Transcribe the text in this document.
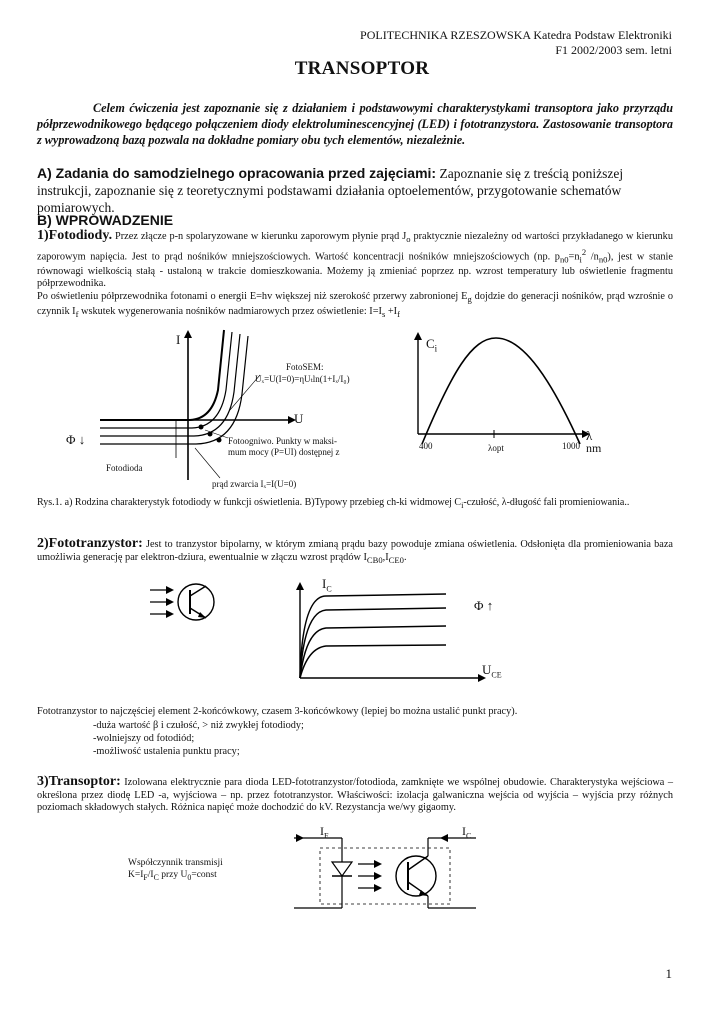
POLITECHNIKA RZESZOWSKA Katedra Podstaw Elektroniki
F1 2002/2003 sem. letni
TRANSOPTOR
Celem ćwiczenia jest zapoznanie się z działaniem i podstawowymi charakterystykami transoptora jako przyrządu półprzewodnikowego będącego połączeniem diody elektroluminescencyjnej (LED) i fototranzystora. Zastosowanie transoptora z wyprowadzoną bazą pozwala na dokładne pomiary obu tych elementów, niezależnie.
A) Zadania do samodzielnego opracowania przed zajęciami: Zapoznanie się z treścią poniższej instrukcji, zapoznanie się z teoretycznymi podstawami działania optoelementów, przygotowanie schematów pomiarowych.
B) WPROWADZENIE
1)Fotodiody. Przez złącze p-n spolaryzowane w kierunku zaporowym płynie prąd $J_o$ praktycznie niezależny od wartości przykładanego w kierunku zaporowym napięcia. Jest to prąd nośników mniejszościowych. Wartość koncentracji nośników mniejszościowych (np. $p_{n0}=n_i^2$ $/n_{n0}$), jest w stanie równowagi wielkością stałą - ustaloną w trakcie domieszkowania. Możemy ją zmieniać poprzez np. wzrost temperatury lub oświetlenie fragmentu półprzewodnika.
Po oświetleniu półprzewodnika fotonami o energii E=hv większej niż szerokość przerwy zabronionej $E_g$ dojdzie do generacji nośników, prąd wzrośnie o czynnik $I_f$ wskutek wygenerowania nośników nadmiarowych przez oświetlenie: $I=I_s +I_f$
I
U
Φ ↓
Fotodioda
FotoSEM:
Uₓ=U(I=0)=ηUₜln(1+Iₓ/I₀)
Fotoogniwo. Punkty w maksi-
mum mocy (P=UI) dostępnej z
prąd zwarcia Iₓ=I(U=0)
$C_i$
λ
nm
400	λopt	1000
Rys.1. a) Rodzina charakterystyk fotodiody w funkcji oświetlenia. B)Typowy przebieg ch-ki widmowej $C_i$-czułość, λ-długość fali promieniowania..
2)Fototranzystor: Jest to tranzystor bipolarny, w którym zmianą prądu bazy powoduje zmiana oświetlenia. Odsłonięta dla promieniowania baza umożliwia generację par elektron-dziura, ewentualnie w złączu wzrost prądów $I_{CB0},I_{CE0}$.
$I_C$
$U_{CE}$
Φ ↑
Fototranzystor to najczęściej element 2-końcówkowy, czasem 3-końcówkowy (lepiej bo można ustalić punkt pracy).
-duża wartość β i czułość, > niż zwykłej fotodiody;
-wolniejszy od fotodiód;
-możliwość ustalenia punktu pracy;
3)Transoptor: Izolowana elektrycznie para dioda LED-fototranzystor/fotodioda, zamknięte we wspólnej obudowie. Charakterystyka wejściowa – określona przez diodę LED -a, wyjściowa – np. przez fototranzystor. Właściwości: izolacja galwaniczna wejścia od wyjścia – wyjścia przy różnych poziomach składowych stałych. Różnica napięć może dochodzić do kV. Rezystancja we/wy gigaomy.
Współczynnik transmisji
$K=I_F/I_C$ przy $U_0=const$
$I_F$	$I_C$
1
